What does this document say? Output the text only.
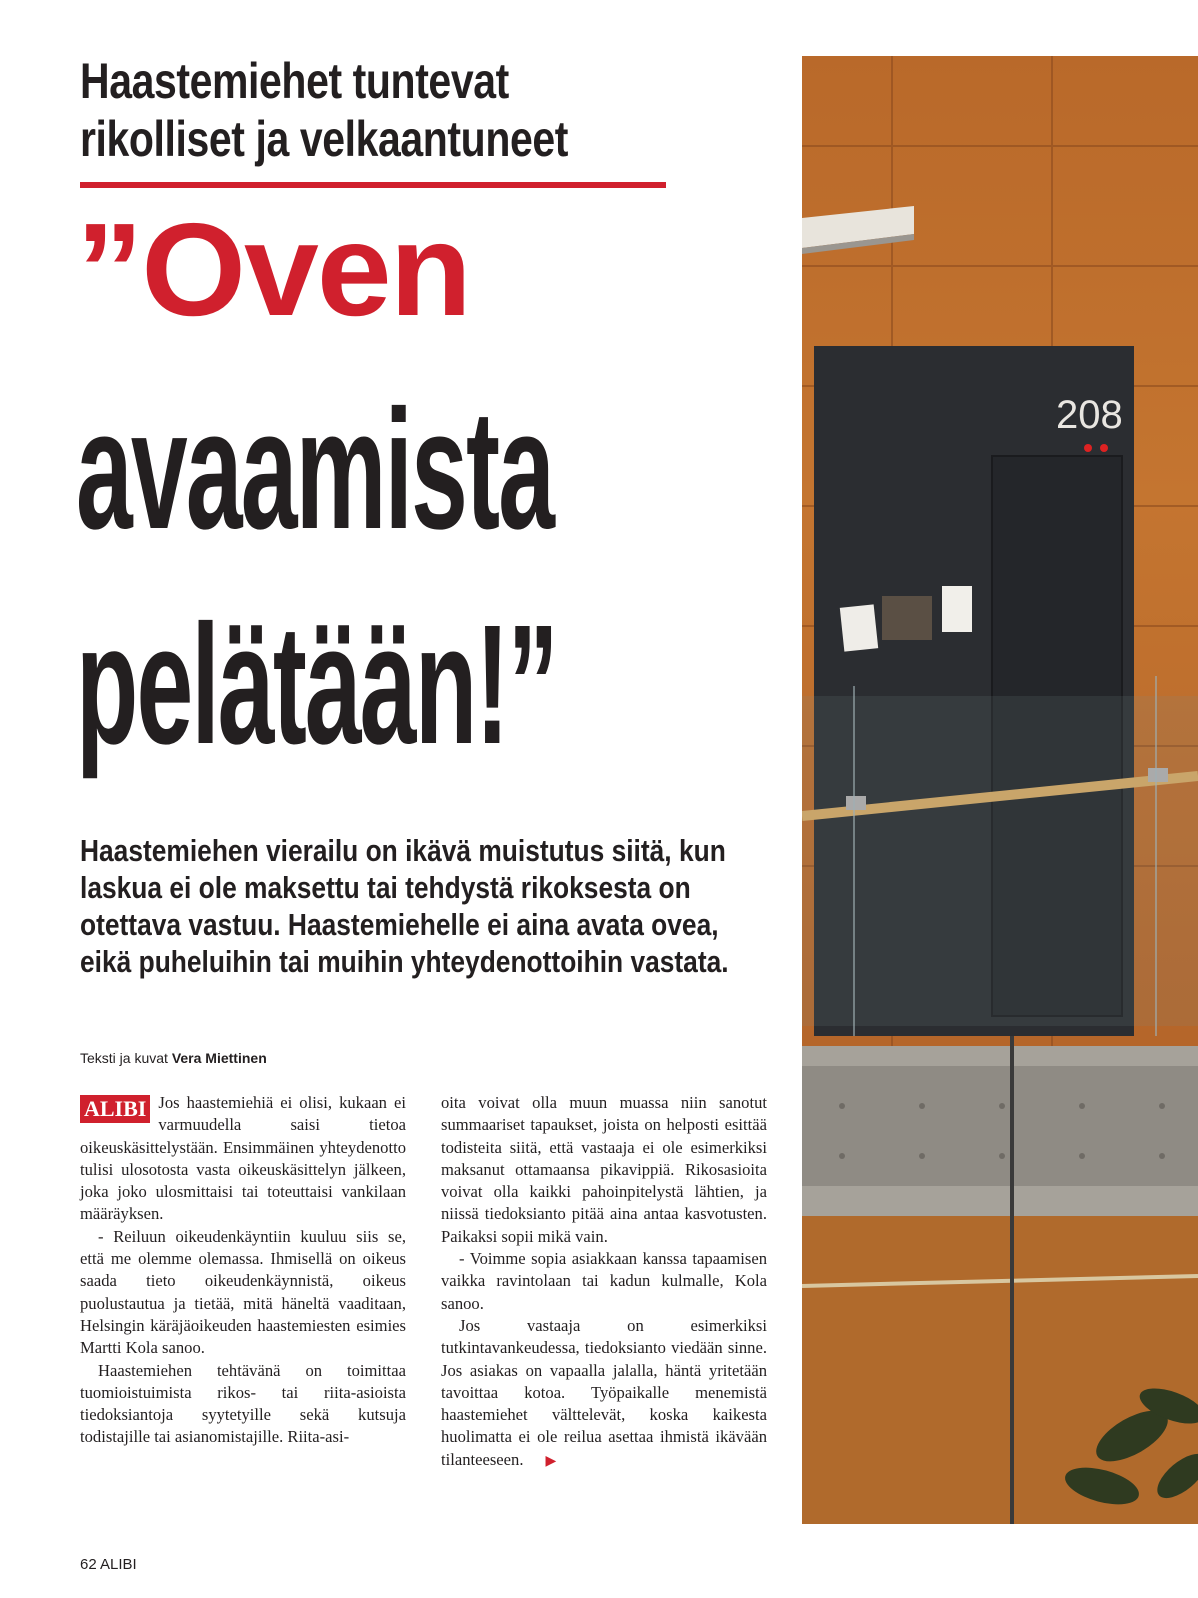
208
Haastemiehet tuntevat rikolliset ja velkaantuneet
”Oven
avaamista
pelätään!”

Haastemiehen vierailu on ikävä muistutus siitä, kun laskua ei ole maksettu tai tehdystä rikoksesta on otettava vastuu. Haastemiehelle ei aina avata ovea, eikä puheluihin tai muihin yhteydenottoihin vastata.

Teksti ja kuvat Vera Miettinen

ALIBI Jos haastemiehiä ei olisi, kukaan ei varmuudella saisi tietoa oikeuskäsittelystään. Ensimmäinen yhteydenotto tulisi ulosotosta vasta oikeuskäsittelyn jälkeen, joka joko ulosmittaisi tai toteuttaisi vankilaan määräyksen.

- Reiluun oikeudenkäyntiin kuuluu siis se, että me olemme olemassa. Ihmisellä on oikeus saada tieto oikeudenkäynnistä, oikeus puolustautua ja tietää, mitä häneltä vaaditaan, Helsingin käräjäoikeuden haastemiesten esimies Martti Kola sanoo.

Haastemiehen tehtävänä on toimittaa tuomioistuimista rikos- tai riita-asioista tiedoksiantoja syytetyille sekä kutsuja todistajille tai asianomistajille. Riita-asi-

oita voivat olla muun muassa niin sanotut summaariset tapaukset, joista on helposti esittää todisteita siitä, että vastaaja ei ole esimerkiksi maksanut ottamaansa pikavippiä. Rikosasioita voivat olla kaikki pahoinpitelystä lähtien, ja niissä tiedoksianto pitää aina antaa kasvotusten. Paikaksi sopii mikä vain.

- Voimme sopia asiakkaan kanssa tapaamisen vaikka ravintolaan tai kadun kulmalle, Kola sanoo.

Jos vastaaja on esimerkiksi tutkintavankeudessa, tiedoksianto viedään sinne. Jos asiakas on vapaalla jalalla, häntä yritetään tavoittaa kotoa. Työpaikalle menemistä haastemiehet välttelevät, koska kaikesta huolimatta ei ole reilua asettaa ihmistä ikävään tilanteeseen. ▶

62 ALIBI
